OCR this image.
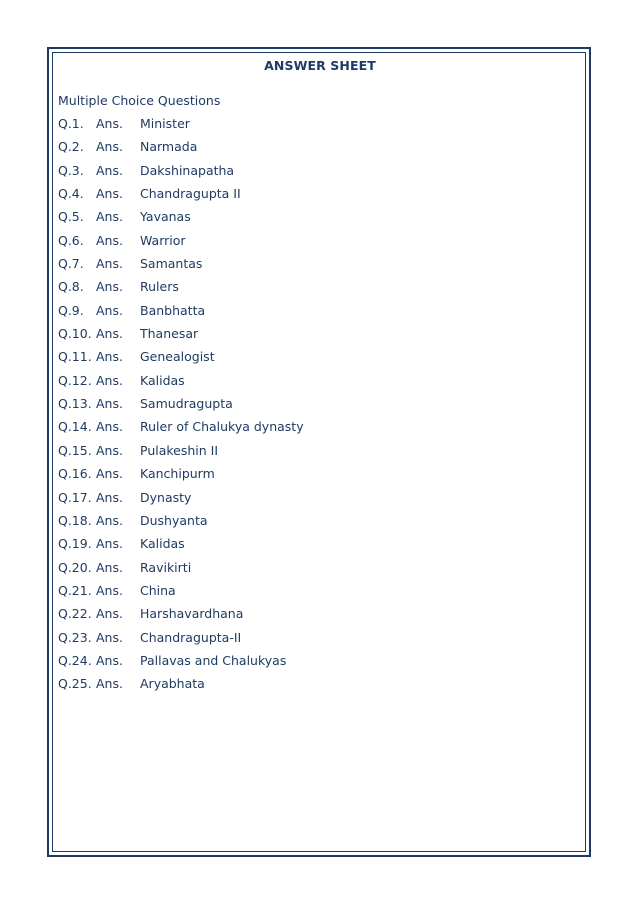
ANSWER SHEET
Multiple Choice Questions
Q.1. Ans. Minister
Q.2. Ans. Narmada
Q.3. Ans. Dakshinapatha
Q.4. Ans. Chandragupta II
Q.5. Ans. Yavanas
Q.6. Ans. Warrior
Q.7. Ans. Samantas
Q.8. Ans. Rulers
Q.9. Ans. Banbhatta
Q.10. Ans. Thanesar
Q.11. Ans. Genealogist
Q.12. Ans. Kalidas
Q.13. Ans. Samudragupta
Q.14. Ans. Ruler of Chalukya dynasty
Q.15. Ans. Pulakeshin II
Q.16. Ans. Kanchipurm
Q.17. Ans. Dynasty
Q.18. Ans. Dushyanta
Q.19. Ans. Kalidas
Q.20. Ans. Ravikirti
Q.21. Ans. China
Q.22. Ans. Harshavardhana
Q.23. Ans. Chandragupta-II
Q.24. Ans. Pallavas and Chalukyas
Q.25. Ans. Aryabhata
